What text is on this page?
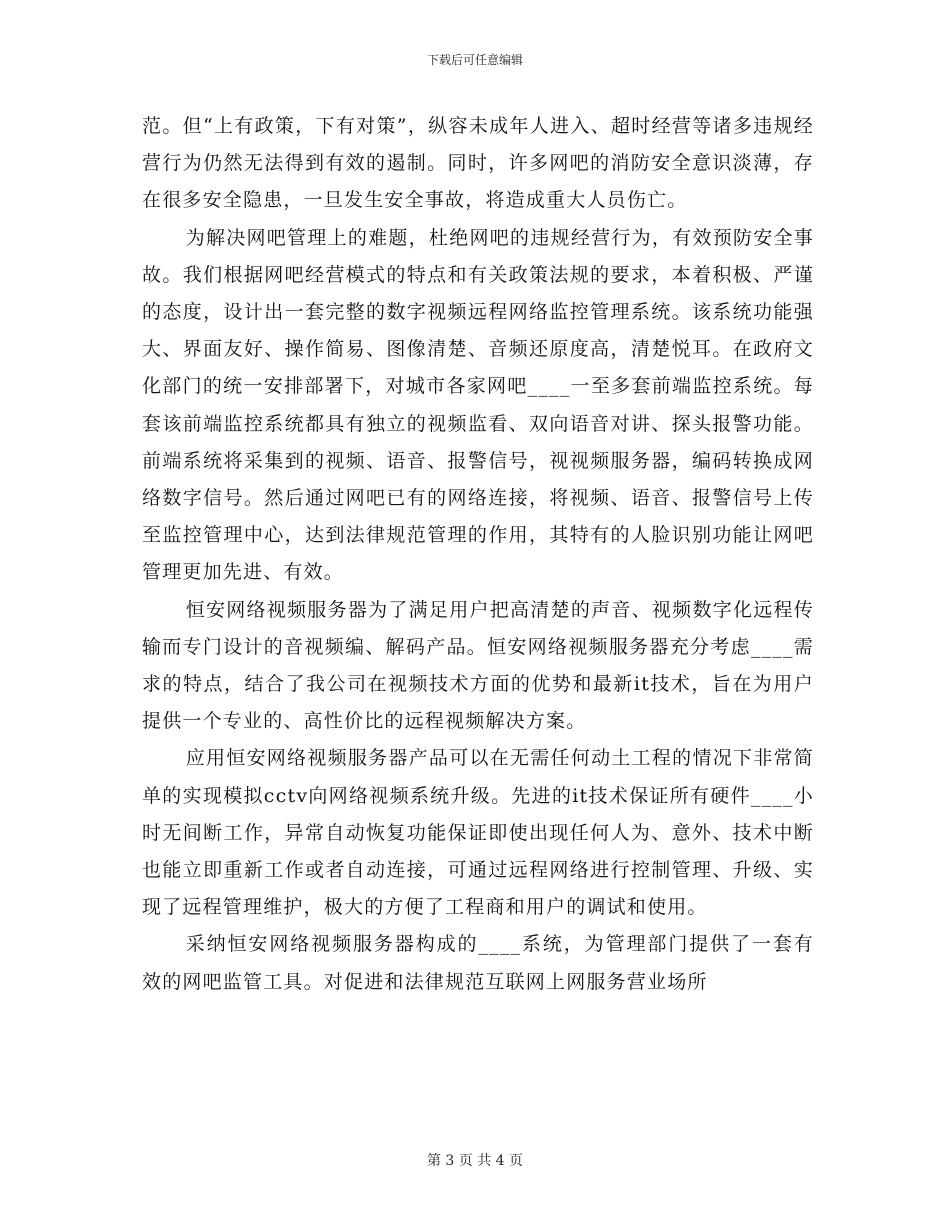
下载后可任意编辑

范。但“上有政策，下有对策”，纵容未成年人进入、超时经营等诸多违规经营行为仍然无法得到有效的遏制。同时，许多网吧的消防安全意识淡薄，存在很多安全隐患，一旦发生安全事故，将造成重大人员伤亡。

为解决网吧管理上的难题，杜绝网吧的违规经营行为，有效预防安全事故。我们根据网吧经营模式的特点和有关政策法规的要求，本着积极、严谨的态度，设计出一套完整的数字视频远程网络监控管理系统。该系统功能强大、界面友好、操作简易、图像清楚、音频还原度高，清楚悦耳。在政府文化部门的统一安排部署下，对城市各家网吧____一至多套前端监控系统。每套该前端监控系统都具有独立的视频监看、双向语音对讲、探头报警功能。前端系统将采集到的视频、语音、报警信号，视视频服务器，编码转换成网络数字信号。然后通过网吧已有的网络连接，将视频、语音、报警信号上传至监控管理中心，达到法律规范管理的作用，其特有的人脸识别功能让网吧管理更加先进、有效。

恒安网络视频服务器为了满足用户把高清楚的声音、视频数字化远程传输而专门设计的音视频编、解码产品。恒安网络视频服务器充分考虑____需求的特点，结合了我公司在视频技术方面的优势和最新it技术，旨在为用户提供一个专业的、高性价比的远程视频解决方案。

应用恒安网络视频服务器产品可以在无需任何动土工程的情况下非常简单的实现模拟cctv向网络视频系统升级。先进的it技术保证所有硬件____小时无间断工作，异常自动恢复功能保证即使出现任何人为、意外、技术中断也能立即重新工作或者自动连接，可通过远程网络进行控制管理、升级、实现了远程管理维护，极大的方便了工程商和用户的调试和使用。

采纳恒安网络视频服务器构成的____系统，为管理部门提供了一套有效的网吧监管工具。对促进和法律规范互联网上网服务营业场所

第 3 页 共 4 页
